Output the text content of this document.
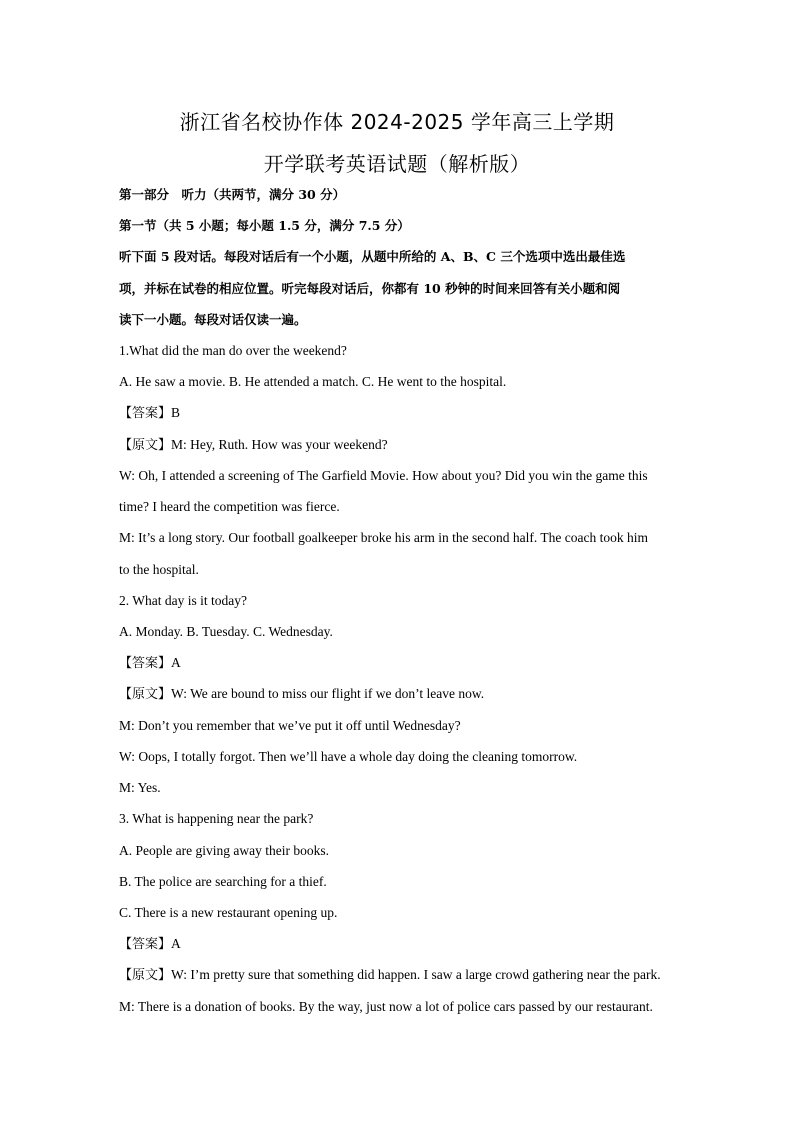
浙江省名校协作体 2024-2025 学年高三上学期
开学联考英语试题（解析版）
第一部分　听力（共两节，满分 30 分）
第一节（共 5 小题；每小题 1.5 分，满分 7.5 分）
听下面 5 段对话。每段对话后有一个小题，从题中所给的 A、B、C 三个选项中选出最佳选
项，并标在试卷的相应位置。听完每段对话后，你都有 10 秒钟的时间来回答有关小题和阅
读下一小题。每段对话仅读一遍。
1.What did the man do over the weekend?
A. He saw a movie. B. He attended a match. C. He went to the hospital.
【答案】B
【原文】M: Hey, Ruth. How was your weekend?
W: Oh, I attended a screening of The Garfield Movie. How about you? Did you win the game this
time? I heard the competition was fierce.
M: It’s a long story. Our football goalkeeper broke his arm in the second half. The coach took him
to the hospital.
2. What day is it today?
A. Monday. B. Tuesday. C. Wednesday.
【答案】A
【原文】W: We are bound to miss our flight if we don’t leave now.
M: Don’t you remember that we’ve put it off until Wednesday?
W: Oops, I totally forgot. Then we’ll have a whole day doing the cleaning tomorrow.
M: Yes.
3. What is happening near the park?
A. People are giving away their books.
B. The police are searching for a thief.
C. There is a new restaurant opening up.
【答案】A
【原文】W: I’m pretty sure that something did happen. I saw a large crowd gathering near the park.
M: There is a donation of books. By the way, just now a lot of police cars passed by our restaurant.
